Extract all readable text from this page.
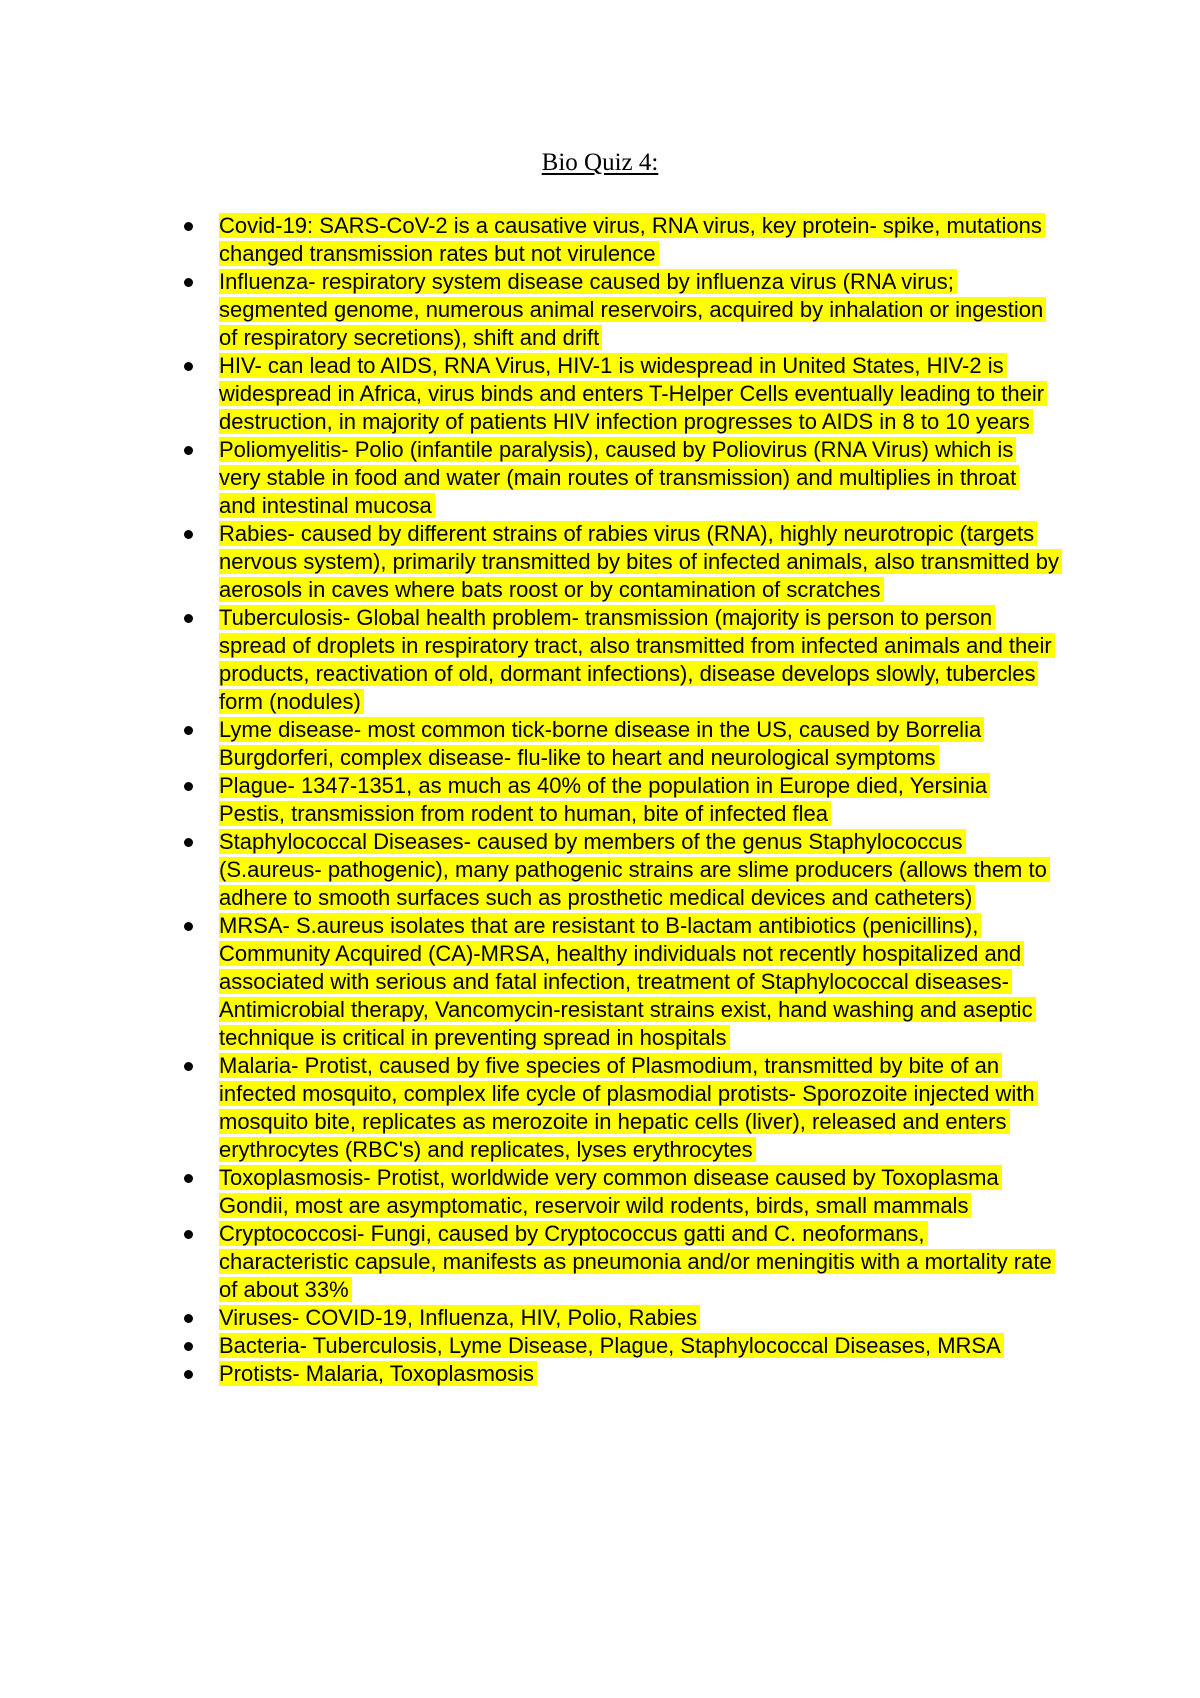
Bio Quiz 4:
Covid-19: SARS-CoV-2 is a causative virus, RNA virus, key protein- spike, mutations changed transmission rates but not virulence
Influenza- respiratory system disease caused by influenza virus (RNA virus; segmented genome, numerous animal reservoirs, acquired by inhalation or ingestion of respiratory secretions), shift and drift
HIV- can lead to AIDS, RNA Virus, HIV-1 is widespread in United States, HIV-2 is widespread in Africa, virus binds and enters T-Helper Cells eventually leading to their destruction, in majority of patients HIV infection progresses to AIDS in 8 to 10 years
Poliomyelitis- Polio (infantile paralysis), caused by Poliovirus (RNA Virus) which is very stable in food and water (main routes of transmission) and multiplies in throat and intestinal mucosa
Rabies- caused by different strains of rabies virus (RNA), highly neurotropic (targets nervous system), primarily transmitted by bites of infected animals, also transmitted by aerosols in caves where bats roost or by contamination of scratches
Tuberculosis- Global health problem- transmission (majority is person to person spread of droplets in respiratory tract, also transmitted from infected animals and their products, reactivation of old, dormant infections), disease develops slowly, tubercles form (nodules)
Lyme disease- most common tick-borne disease in the US, caused by Borrelia Burgdorferi, complex disease- flu-like to heart and neurological symptoms
Plague- 1347-1351, as much as 40% of the population in Europe died, Yersinia Pestis, transmission from rodent to human, bite of infected flea
Staphylococcal Diseases- caused by members of the genus Staphylococcus (S.aureus- pathogenic), many pathogenic strains are slime producers (allows them to adhere to smooth surfaces such as prosthetic medical devices and catheters)
MRSA- S.aureus isolates that are resistant to B-lactam antibiotics (penicillins), Community Acquired (CA)-MRSA, healthy individuals not recently hospitalized and associated with serious and fatal infection, treatment of Staphylococcal diseases- Antimicrobial therapy, Vancomycin-resistant strains exist, hand washing and aseptic technique is critical in preventing spread in hospitals
Malaria- Protist, caused by five species of Plasmodium, transmitted by bite of an infected mosquito, complex life cycle of plasmodial protists- Sporozoite injected with mosquito bite, replicates as merozoite in hepatic cells (liver), released and enters erythrocytes (RBC's) and replicates, lyses erythrocytes
Toxoplasmosis- Protist, worldwide very common disease caused by Toxoplasma Gondii, most are asymptomatic, reservoir wild rodents, birds, small mammals
Cryptococcosi- Fungi, caused by Cryptococcus gatti and C. neoformans, characteristic capsule, manifests as pneumonia and/or meningitis with a mortality rate of about 33%
Viruses- COVID-19, Influenza, HIV, Polio, Rabies
Bacteria- Tuberculosis, Lyme Disease, Plague, Staphylococcal Diseases, MRSA
Protists- Malaria, Toxoplasmosis
